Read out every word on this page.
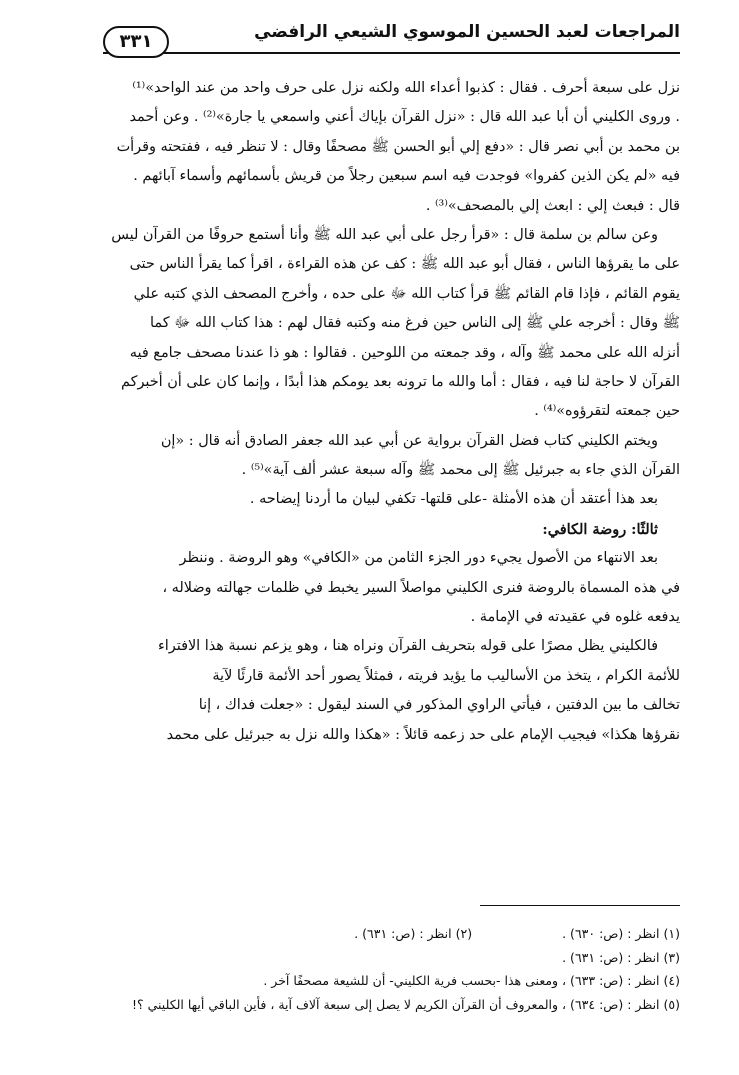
المراجعات لعبد الحسين الموسوي الشيعي الرافضي
٣٣١
نزل على سبعة أحرف . فقال : كذبوا أعداء الله ولكنه نزل على حرف واحد من عند الواحد»⁽¹⁾
. وروى الكليني أن أبا عبد الله قال : «نزل القرآن بإياك أعني واسمعي يا جارة»⁽²⁾ . وعن أحمد
بن محمد بن أبي نصر قال : «دفع إلي أبو الحسن ﷺ مصحفًا وقال : لا تنظر فيه ، ففتحته وقرأت
فيه «لم يكن الذين كفروا» فوجدت فيه اسم سبعين رجلاً من قريش بأسمائهم وأسماء آبائهم .
قال : فبعث إلي : ابعث إلي بالمصحف»⁽³⁾ .
وعن سالم بن سلمة قال : «قرأ رجل على أبي عبد الله ﷺ وأنا أستمع حروفًا من القرآن ليس
على ما يقرؤها الناس ، فقال أبو عبد الله ﷺ : كف عن هذه القراءة ، اقرأ كما يقرأ الناس حتى
يقوم القائم ، فإذا قام القائم ﷺ قرأ كتاب الله ﷻ على حده ، وأخرج المصحف الذي كتبه علي
ﷺ وقال : أخرجه علي ﷺ إلى الناس حين فرغ منه وكتبه فقال لهم : هذا كتاب الله ﷻ كما
أنزله الله على محمد ﷺ وآله ، وقد جمعته من اللوحين . فقالوا : هو ذا عندنا مصحف جامع فيه
القرآن لا حاجة لنا فيه ، فقال : أما والله ما ترونه بعد يومكم هذا أبدًا ، وإنما كان على أن أخبركم
حين جمعته لتقرؤوه»⁽⁴⁾ .
ويختم الكليني كتاب فضل القرآن برواية عن أبي عبد الله جعفر الصادق أنه قال : «إن
القرآن الذي جاء به جبرئيل ﷺ إلى محمد ﷺ وآله سبعة عشر ألف آية»⁽⁵⁾ .
بعد هذا أعتقد أن هذه الأمثلة -على قلتها- تكفي لبيان ما أردنا إيضاحه .
ثالثًا: روضة الكافي:
بعد الانتهاء من الأصول يجيء دور الجزء الثامن من «الكافي» وهو الروضة . وننظر
في هذه المسماة بالروضة فنرى الكليني مواصلاً السير يخبط في ظلمات جهالته وضلاله ،
يدفعه غلوه في عقيدته في الإمامة .
فالكليني يظل مصرًا على قوله بتحريف القرآن ونراه هنا ، وهو يزعم نسبة هذا الافتراء
للأئمة الكرام ، يتخذ من الأساليب ما يؤيد فريته ، فمثلاً يصور أحد الأئمة قارئًا لآية
تخالف ما بين الدفتين ، فيأتي الراوي المذكور في السند ليقول : «جعلت فداك ، إنا
نقرؤها هكذا» فيجيب الإمام على حد زعمه قائلاً : «هكذا والله نزل به جبرئيل على محمد
(١) انظر : (ص: ٦٣٠) .(٢) انظر : (ص: ٦٣١) .
(٣) انظر : (ص: ٦٣١) .
(٤) انظر : (ص: ٦٣٣) ، ومعنى هذا -بحسب فرية الكليني- أن للشيعة مصحفًا آخر .
(٥) انظر : (ص: ٦٣٤) ، والمعروف أن القرآن الكريم لا يصل إلى سبعة آلاف آية ، فأين الباقي أيها الكليني ؟!
